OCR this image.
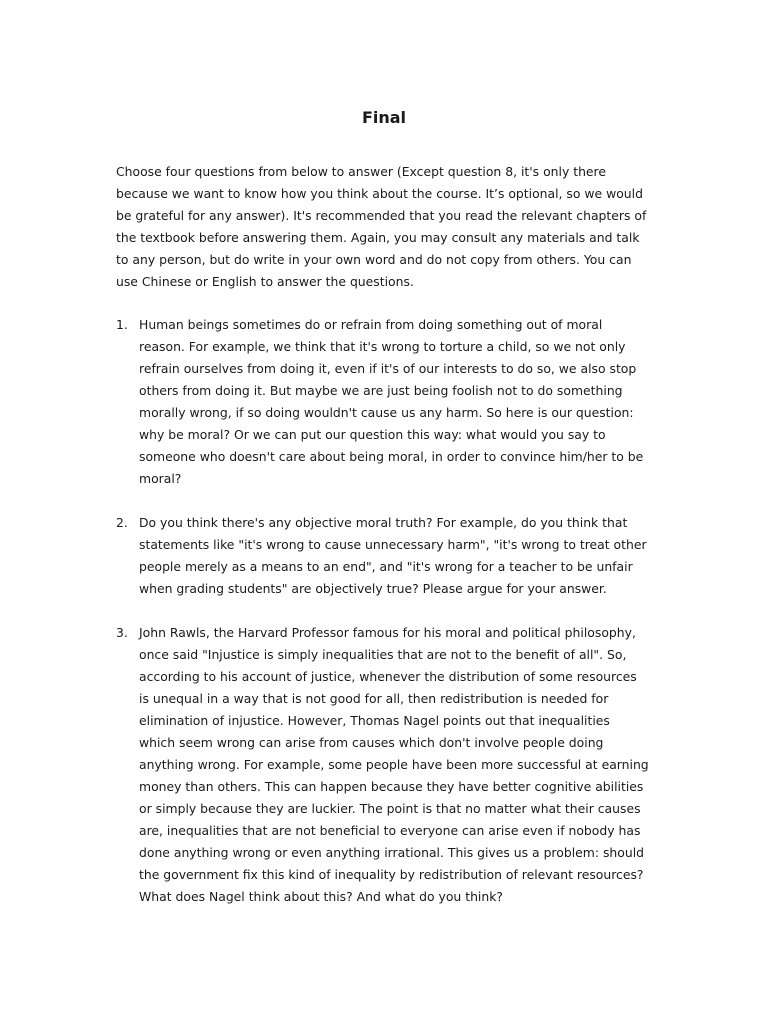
Final

Choose four questions from below to answer (Except question 8, it's only there
because we want to know how you think about the course. It’s optional, so we would
be grateful for any answer). It's recommended that you read the relevant chapters of
the textbook before answering them. Again, you may consult any materials and talk
to any person, but do write in your own word and do not copy from others. You can
use Chinese or English to answer the questions.

1. Human beings sometimes do or refrain from doing something out of moral
reason. For example, we think that it's wrong to torture a child, so we not only
refrain ourselves from doing it, even if it's of our interests to do so, we also stop
others from doing it. But maybe we are just being foolish not to do something
morally wrong, if so doing wouldn't cause us any harm. So here is our question:
why be moral? Or we can put our question this way: what would you say to
someone who doesn't care about being moral, in order to convince him/her to be
moral?
2. Do you think there's any objective moral truth? For example, do you think that
statements like "it's wrong to cause unnecessary harm", "it's wrong to treat other
people merely as a means to an end", and "it's wrong for a teacher to be unfair
when grading students" are objectively true? Please argue for your answer.
3. John Rawls, the Harvard Professor famous for his moral and political philosophy,
once said "Injustice is simply inequalities that are not to the benefit of all". So,
according to his account of justice, whenever the distribution of some resources
is unequal in a way that is not good for all, then redistribution is needed for
elimination of injustice. However, Thomas Nagel points out that inequalities
which seem wrong can arise from causes which don't involve people doing
anything wrong. For example, some people have been more successful at earning
money than others. This can happen because they have better cognitive abilities
or simply because they are luckier. The point is that no matter what their causes
are, inequalities that are not beneficial to everyone can arise even if nobody has
done anything wrong or even anything irrational. This gives us a problem: should
the government fix this kind of inequality by redistribution of relevant resources?
What does Nagel think about this? And what do you think?
